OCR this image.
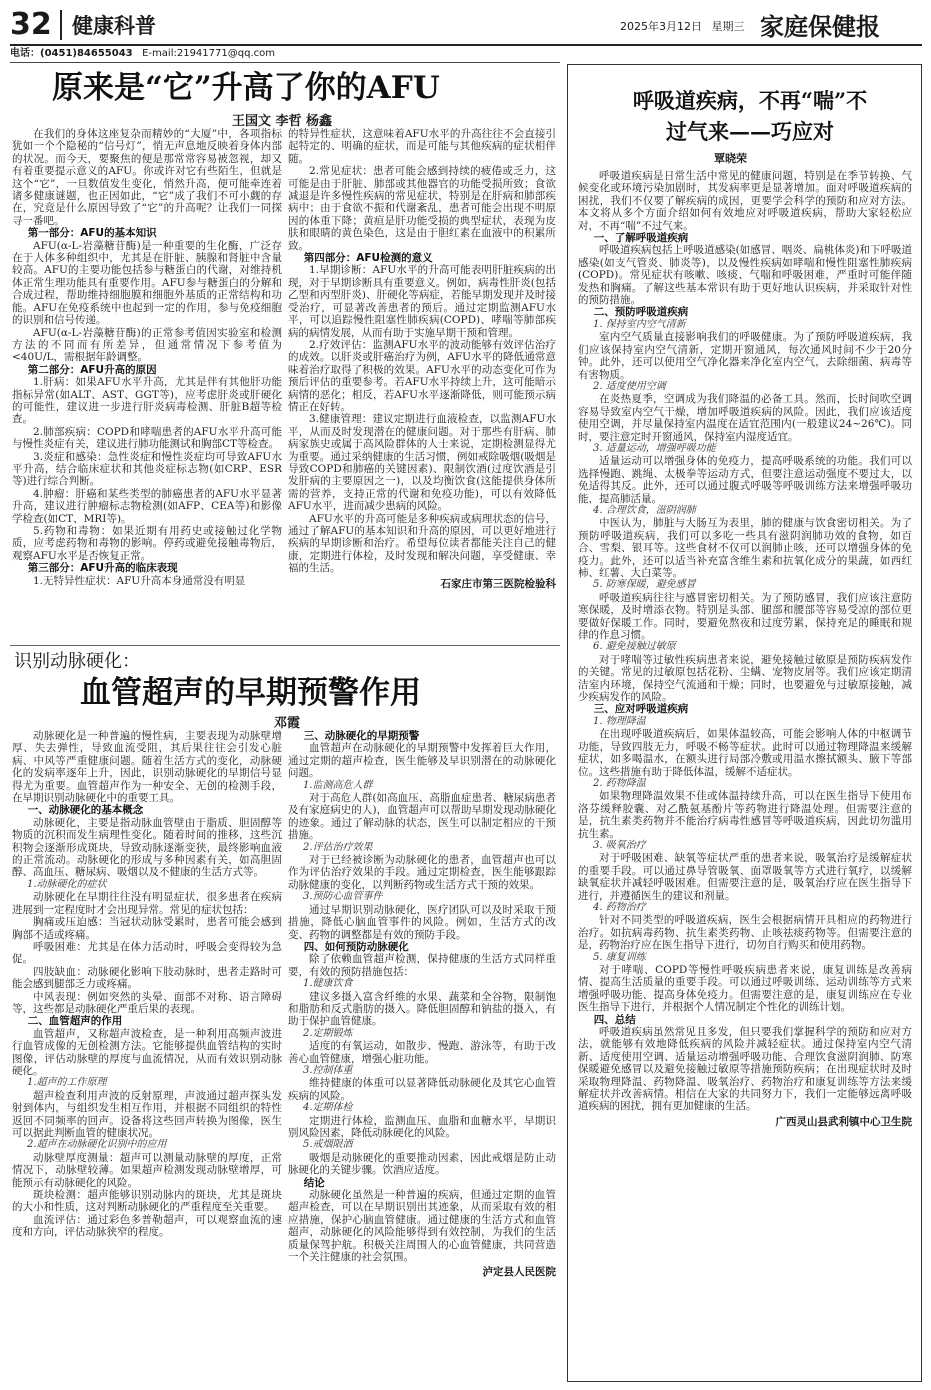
32 健康科普	2025年3月12日 星期三 家庭保健报
电话：(0451)84655043 E-mail:21941771@qq.com
原来是“它”升高了你的AFU
王国文 李哲 杨鑫

在我们的身体这座复杂而精妙的“大厦”中，各项指标犹如一个个隐秘的“信号灯”，悄无声息地反映着身体内部的状况。而今天，要聚焦的便是那常常容易被忽视，却又有着重要提示意义的AFU。你或许对它有些陌生，但就是这个“它”，一旦数值发生变化，悄然升高，便可能牵连着诸多健康谜题，也正因如此，“它”成了我们不可小觑的存在，究竟是什么原因导致了“它”的升高呢？让我们一同探寻一番吧。

第一部分：AFU的基本知识

AFU(α-L-岩藻糖苷酶)是一种重要的生化酶，广泛存在于人体多种组织中，尤其是在肝脏、胰腺和肾脏中含量较高。AFU的主要功能包括参与糖蛋白的代谢，对维持机体正常生理功能具有重要作用。AFU参与糖蛋白的分解和合成过程，帮助维持细胞膜和细胞外基质的正常结构和功能。AFU在免疫系统中也起到一定的作用，参与免疫细胞的识别和信号传递。

AFU(α-L-岩藻糖苷酶)的正常参考值因实验室和检测方法的不同而有所差异，但通常情况下参考值为<40U/L，需根据年龄调整。

第二部分：AFU升高的原因

1.肝病：如果AFU水平升高，尤其是伴有其他肝功能指标异常(如ALT、AST、GGT等)，应考虑肝炎或肝硬化的可能性，建议进一步进行肝炎病毒检测、肝脏B超等检查。

2.肺部疾病：COPD和哮喘患者的AFU水平升高可能与慢性炎症有关，建议进行肺功能测试和胸部CT等检查。

3.炎症和感染：急性炎症和慢性炎症均可导致AFU水平升高，结合临床症状和其他炎症标志物(如CRP、ESR等)进行综合判断。

4.肿瘤：肝癌和某些类型的肺癌患者的AFU水平显著升高，建议进行肿瘤标志物检测(如AFP、CEA等)和影像学检查(如CT、MRI等)。

5.药物和毒物：如果近期有用药史或接触过化学物质，应考虑药物和毒物的影响。停药或避免接触毒物后，观察AFU水平是否恢复正常。

第三部分：AFU升高的临床表现

1.无特异性症状：AFU升高本身通常没有明显

的特异性症状，这意味着AFU水平的升高往往不会直接引起特定的、明确的症状，而是可能与其他疾病的症状相伴随。

2.常见症状：患者可能会感到持续的疲倦或乏力，这可能是由于肝脏、肺部或其他器官的功能受损所致；食欲减退是许多慢性疾病的常见症状，特别是在肝病和肺部疾病中；由于食欲不振和代谢紊乱，患者可能会出现不明原因的体重下降；黄疸是肝功能受损的典型症状，表现为皮肤和眼睛的黄色染色，这是由于胆红素在血液中的积累所致。

第四部分：AFU检测的意义

1.早期诊断：AFU水平的升高可能表明肝脏疾病的出现，对于早期诊断具有重要意义。例如，病毒性肝炎(包括乙型和丙型肝炎)、肝硬化等病症，若能早期发现并及时接受治疗，可显著改善患者的预后。通过定期监测AFU水平，可以追踪慢性阻塞性肺疾病(COPD)、哮喘等肺部疾病的病情发展，从而有助于实施早期干预和管理。

2.疗效评估：监测AFU水平的波动能够有效评估治疗的成效。以肝炎或肝癌治疗为例，AFU水平的降低通常意味着治疗取得了积极的效果。AFU水平的动态变化可作为预后评估的重要参考。若AFU水平持续上升，这可能暗示病情的恶化；相反，若AFU水平逐渐降低，则可能预示病情正在好转。

3.健康管理：建议定期进行血液检查，以监测AFU水平，从而及时发现潜在的健康问题。对于那些有肝病、肺病家族史或属于高风险群体的人士来说，定期检测显得尤为重要。通过采纳健康的生活习惯，例如戒除吸烟(吸烟是导致COPD和肺癌的关键因素)、限制饮酒(过度饮酒是引发肝病的主要原因之一)，以及均衡饮食(这能提供身体所需的营养，支持正常的代谢和免疫功能)，可以有效降低AFU水平，进而减少患病的风险。

AFU水平的升高可能是多种疾病或病理状态的信号，通过了解AFU的基本知识和升高的原因，可以更好地进行疾病的早期诊断和治疗。希望每位读者都能关注自己的健康，定期进行体检，及时发现和解决问题，享受健康、幸福的生活。

石家庄市第三医院检验科

识别动脉硬化：
血管超声的早期预警作用
邓霞

动脉硬化是一种普遍的慢性病，主要表现为动脉壁增厚、失去弹性，导致血流受阻，其后果往往会引发心脏病、中风等严重健康问题。随着生活方式的变化，动脉硬化的发病率逐年上升，因此，识别动脉硬化的早期信号显得尤为重要。血管超声作为一种安全、无创的检测手段，在早期识别动脉硬化中的重要工具。

一、动脉硬化的基本概念

动脉硬化，主要是指动脉血管壁由于脂质、胆固醇等物质的沉积而发生病理性变化。随着时间的推移，这些沉积物会逐渐形成斑块，导致动脉逐渐变狭，最终影响血液的正常流动。动脉硬化的形成与多种因素有关，如高胆固醇、高血压、糖尿病、吸烟以及不健康的生活方式等。

1.动脉硬化的症状

动脉硬化在早期往往没有明显症状，很多患者在疾病进展到一定程度时才会出现异常。常见的症状包括：

胸痛或压迫感：当冠状动脉受累时，患者可能会感到胸部不适或疼痛。

呼吸困难：尤其是在体力活动时，呼吸会变得较为急促。

四肢缺血：动脉硬化影响下肢动脉时，患者走路时可能会感到腿部乏力或疼痛。

中风表现：例如突然的头晕、面部不对称、语言障碍等，这些都是动脉硬化严重后果的表现。

二、血管超声的作用

血管超声，又称超声波检查，是一种利用高频声波进行血管成像的无创检测方法。它能够提供血管结构的实时图像，评估动脉壁的厚度与血流情况，从而有效识别动脉硬化。

1.超声的工作原理

超声检查利用声波的反射原理，声波通过超声探头发射到体内，与组织发生相互作用，并根据不同组织的特性返回不同频率的回声。设备将这些回声转换为图像，医生可以据此判断血管的健康状况。

2.超声在动脉硬化识别中的应用

动脉壁厚度测量：超声可以测量动脉壁的厚度，正常情况下，动脉壁较薄。如果超声检测发现动脉壁增厚，可能预示有动脉硬化的风险。

斑块检测：超声能够识别动脉内的斑块，尤其是斑块的大小和性质，这对判断动脉硬化的严重程度至关重要。

血流评估：通过彩色多普勒超声，可以观察血流的速度和方向，评估动脉狭窄的程度。

三、动脉硬化的早期预警

血管超声在动脉硬化的早期预警中发挥着巨大作用，通过定期的超声检查，医生能够及早识别潜在的动脉硬化问题。

1.监测高危人群

对于高危人群(如高血压、高脂血症患者、糖尿病患者及有家庭病史的人)，血管超声可以帮助早期发现动脉硬化的迹象。通过了解动脉的状态，医生可以制定相应的干预措施。

2.评估治疗效果

对于已经被诊断为动脉硬化的患者，血管超声也可以作为评估治疗效果的手段。通过定期检查，医生能够跟踪动脉健康的变化，以判断药物或生活方式干预的效果。

3.预防心血管事件

通过早期识别动脉硬化，医疗团队可以及时采取干预措施，降低心脑血管事件的风险。例如，生活方式的改变、药物的调整都是有效的预防手段。

四、如何预防动脉硬化

除了依赖血管超声检测，保持健康的生活方式同样重要，有效的预防措施包括：

1.健康饮食

建议多摄入富含纤维的水果、蔬菜和全谷物，限制饱和脂肪和反式脂肪的摄入。降低胆固醇和钠盐的摄入，有助于保护血管健康。

2.定期锻炼

适度的有氧运动，如散步、慢跑、游泳等，有助于改善心血管健康，增强心脏功能。

3.控制体重

维持健康的体重可以显著降低动脉硬化及其它心血管疾病的风险。

4.定期体检

定期进行体检，监测血压、血脂和血糖水平，早期识别风险因素，降低动脉硬化的风险。

5.戒烟限酒

吸烟是动脉硬化的重要推动因素，因此戒烟是防止动脉硬化的关键步骤。饮酒应适度。

结论

动脉硬化虽然是一种普遍的疾病，但通过定期的血管超声检查，可以在早期识别出其迹象，从而采取有效的相应措施，保护心脑血管健康。通过健康的生活方式和血管超声，动脉硬化的风险能够得到有效控制，为我们的生活质量保驾护航。积极关注周围人的心血管健康，共同营造一个关注健康的社会氛围。

泸定县人民医院

呼吸道疾病，不再“喘”不
过气来——巧应对
覃晓荣

呼吸道疾病是日常生活中常见的健康问题，特别是在季节转换、气候变化或环境污染加剧时，其发病率更是显著增加。面对呼吸道疾病的困扰，我们不仅要了解疾病的成因，更要学会科学的预防和应对方法。本文将从多个方面介绍如何有效地应对呼吸道疾病，帮助大家轻松应对，不再“喘”不过气来。

一、了解呼吸道疾病

呼吸道疾病包括上呼吸道感染(如感冒、咽炎、扁桃体炎)和下呼吸道感染(如支气管炎、肺炎等)，以及慢性疾病如哮喘和慢性阻塞性肺疾病(COPD)。常见症状有咳嗽、咳痰、气喘和呼吸困难，严重时可能伴随发热和胸痛。了解这些基本常识有助于更好地认识疾病，并采取针对性的预防措施。

二、预防呼吸道疾病

1. 保持室内空气清新

室内空气质量直接影响我们的呼吸健康。为了预防呼吸道疾病，我们应该保持室内空气清新，定期开窗通风，每次通风时间不少于20分钟。此外，还可以使用空气净化器来净化室内空气，去除细菌、病毒等有害物质。

2. 适度使用空调

在炎热夏季，空调成为我们降温的必备工具。然而，长时间吹空调容易导致室内空气干燥，增加呼吸道疾病的风险。因此，我们应该适度使用空调，并尽量保持室内温度在适宜范围内(一般建议24~26℃)。同时，要注意定时开窗通风，保持室内湿度适宜。

3. 适量运动，增强呼吸功能

适量运动可以增强身体的免疫力，提高呼吸系统的功能。我们可以选择慢跑、跳绳、太极拳等运动方式，但要注意运动强度不要过大，以免适得其反。此外，还可以通过腹式呼吸等呼吸训练方法来增强呼吸功能，提高肺活量。

4. 合理饮食，滋阴润肺

中医认为，肺脏与大肠互为表里，肺的健康与饮食密切相关。为了预防呼吸道疾病，我们可以多吃一些具有滋阴润肺功效的食物，如百合、雪梨、银耳等。这些食材不仅可以润肺止咳，还可以增强身体的免疫力。此外，还可以适当补充富含维生素和抗氧化成分的果蔬，如西红柿、红薯、大白菜等。

5. 防寒保暖，避免感冒

呼吸道疾病往往与感冒密切相关。为了预防感冒，我们应该注意防寒保暖，及时增添衣物。特别是头部、腿部和腰部等容易受凉的部位更要做好保暖工作。同时，要避免熬夜和过度劳累，保持充足的睡眠和规律的作息习惯。

6. 避免接触过敏原

对于哮喘等过敏性疾病患者来说，避免接触过敏原是预防疾病发作的关键。常见的过敏原包括花粉、尘螨、宠物皮屑等。我们应该定期清洁室内环境，保持空气流通和干燥；同时，也要避免与过敏原接触，减少疾病发作的风险。

三、应对呼吸道疾病

1. 物理降温

在出现呼吸道疾病后，如果体温较高，可能会影响人体的中枢调节功能，导致四肢无力，呼吸不畅等症状。此时可以通过物理降温来缓解症状，如多喝温水，在额头进行局部冷敷或用温水擦拭额头、腋下等部位。这些措施有助于降低体温，缓解不适症状。

2. 药物降温

如果物理降温效果不佳或体温持续升高，可以在医生指导下使用布洛芬缓释胶囊、对乙酰氨基酚片等药物进行降温处理。但需要注意的是，抗生素类药物并不能治疗病毒性感冒等呼吸道疾病，因此切勿滥用抗生素。

3. 吸氧治疗

对于呼吸困难、缺氧等症状严重的患者来说，吸氧治疗是缓解症状的重要手段。可以通过鼻导管吸氧、面罩吸氧等方式进行氧疗，以缓解缺氧症状并减轻呼吸困难。但需要注意的是，吸氧治疗应在医生指导下进行，并遵循医生的建议和剂量。

4. 药物治疗

针对不同类型的呼吸道疾病，医生会根据病情开具相应的药物进行治疗。如抗病毒药物、抗生素类药物、止咳祛痰药物等。但需要注意的是，药物治疗应在医生指导下进行，切勿自行购买和使用药物。

5. 康复训练

对于哮喘、COPD等慢性呼吸疾病患者来说，康复训练是改善病情、提高生活质量的重要手段。可以通过呼吸训练、运动训练等方式来增强呼吸功能、提高身体免疫力。但需要注意的是，康复训练应在专业医生指导下进行，并根据个人情况制定个性化的训练计划。

四、总结

呼吸道疾病虽然常见且多发，但只要我们掌握科学的预防和应对方法，就能够有效地降低疾病的风险并减轻症状。通过保持室内空气清新、适度使用空调、适量运动增强呼吸功能、合理饮食滋阴润肺、防寒保暖避免感冒以及避免接触过敏原等措施预防疾病；在出现症状时及时采取物理降温、药物降温、吸氧治疗、药物治疗和康复训练等方法来缓解症状并改善病情。相信在大家的共同努力下，我们一定能够远离呼吸道疾病的困扰，拥有更加健康的生活。

广西灵山县武利镇中心卫生院
